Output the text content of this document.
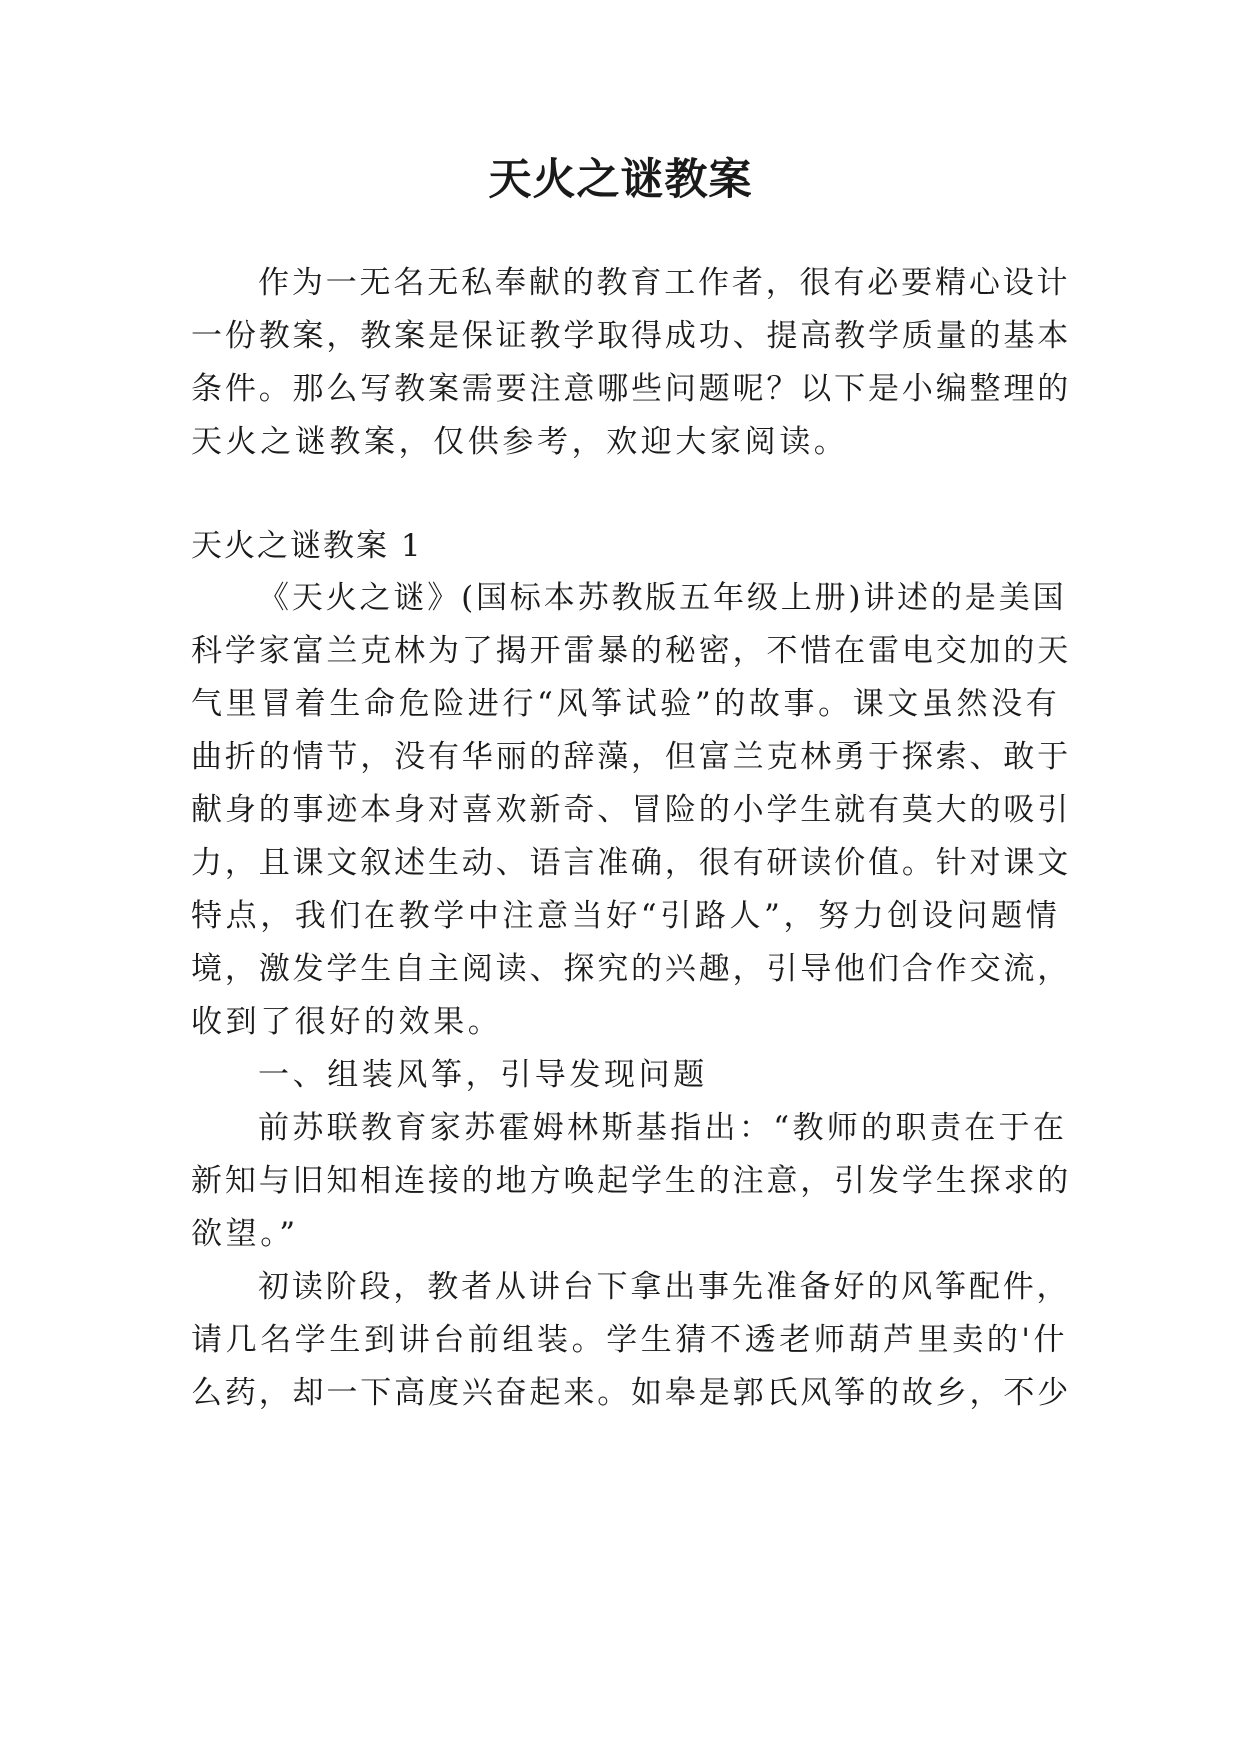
天火之谜教案
作为一无名无私奉献的教育工作者，很有必要精心设计
一份教案，教案是保证教学取得成功、提高教学质量的基本
条件。那么写教案需要注意哪些问题呢？以下是小编整理的
天火之谜教案，仅供参考，欢迎大家阅读。
天火之谜教案 1
《天火之谜》(国标本苏教版五年级上册)讲述的是美国
科学家富兰克林为了揭开雷暴的秘密，不惜在雷电交加的天
气里冒着生命危险进行“风筝试验”的故事。课文虽然没有
曲折的情节，没有华丽的辞藻，但富兰克林勇于探索、敢于
献身的事迹本身对喜欢新奇、冒险的小学生就有莫大的吸引
力，且课文叙述生动、语言准确，很有研读价值。针对课文
特点，我们在教学中注意当好“引路人”，努力创设问题情
境，激发学生自主阅读、探究的兴趣，引导他们合作交流，
收到了很好的效果。
一、组装风筝，引导发现问题
前苏联教育家苏霍姆林斯基指出：“教师的职责在于在
新知与旧知相连接的地方唤起学生的注意，引发学生探求的
欲望。”
初读阶段，教者从讲台下拿出事先准备好的风筝配件，
请几名学生到讲台前组装。学生猜不透老师葫芦里卖的'什
么药，却一下高度兴奋起来。如皋是郭氏风筝的故乡，不少
